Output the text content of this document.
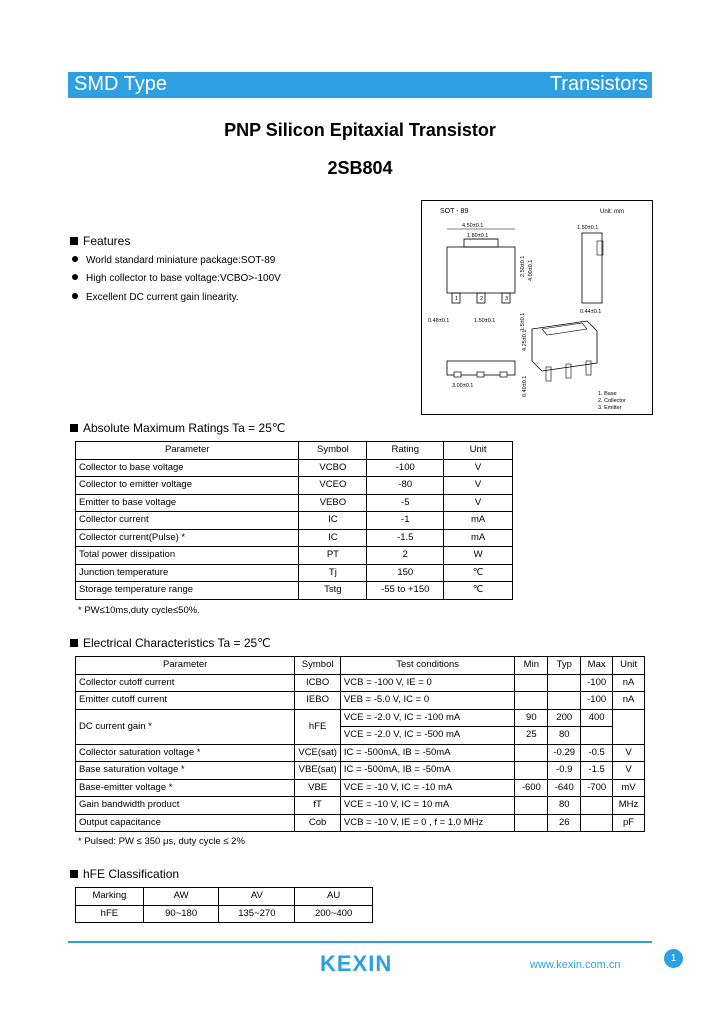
SMD Type	Transistors
PNP Silicon Epitaxial Transistor
2SB804
Features
World standard miniature package:SOT-89
High collector to base voltage:VCBO>-100V
Excellent DC current gain linearity.
SOT - 89	Unit: mm
4.50±0.1
1.80±0.1
2.50±0.1 4.00±0.1
1	2	3
0.48±0.1	1.50±0.1	1.5±0.1
3.00±0.1
1.50±0.1
0.44±0.1
4.25±0.1
0.40±0.1	1. Base
2. Collector
3. Emitter
Absolute Maximum Ratings Ta = 25℃
Parameter	Symbol	Rating	Unit
Collector to base voltage	VCBO	-100	V
Collector to emitter voltage	VCEO	-80	V
Emitter to base voltage	VEBO	-5	V
Collector current	IC	-1	mA
Collector current(Pulse) *	IC	-1.5	mA
Total power dissipation	PT	2	W
Junction temperature	Tj	150	℃
Storage temperature range	Tstg	-55 to +150	℃
* PW≤10ms,duty cycle≤50%.
Electrical Characteristics Ta = 25℃
Parameter	Symbol	Test conditions	Min	Typ	Max	Unit
Collector cutoff current	ICBO	VCB = -100 V, IE = 0			-100	nA
Emitter cutoff current	IEBO	VEB = -5.0 V, IC = 0			-100	nA
DC current gain *	hFE	VCE = -2.0 V, IC = -100 mA	90	200	400	
		VCE = -2.0 V, IC = -500 mA	25	80		
Collector saturation voltage *	VCE(sat)	IC = -500mA, IB = -50mA		-0.29	-0.5	V
Base saturation voltage *	VBE(sat)	IC = -500mA, IB = -50mA		-0.9	-1.5	V
Base-emitter voltage *	VBE	VCE = -10 V, IC = -10 mA	-600	-640	-700	mV
Gain bandwidth product	fT	VCE = -10 V, IC = 10 mA		80		MHz
Output capacitance	Cob	VCB = -10 V, IE = 0 , f = 1.0 MHz		26		pF
* Pulsed: PW ≤ 350 μs, duty cycle ≤ 2%
hFE Classification
Marking	AW	AV	AU
hFE	90~180	135~270	200~400
KEXIN	www.kexin.com.cn
1
